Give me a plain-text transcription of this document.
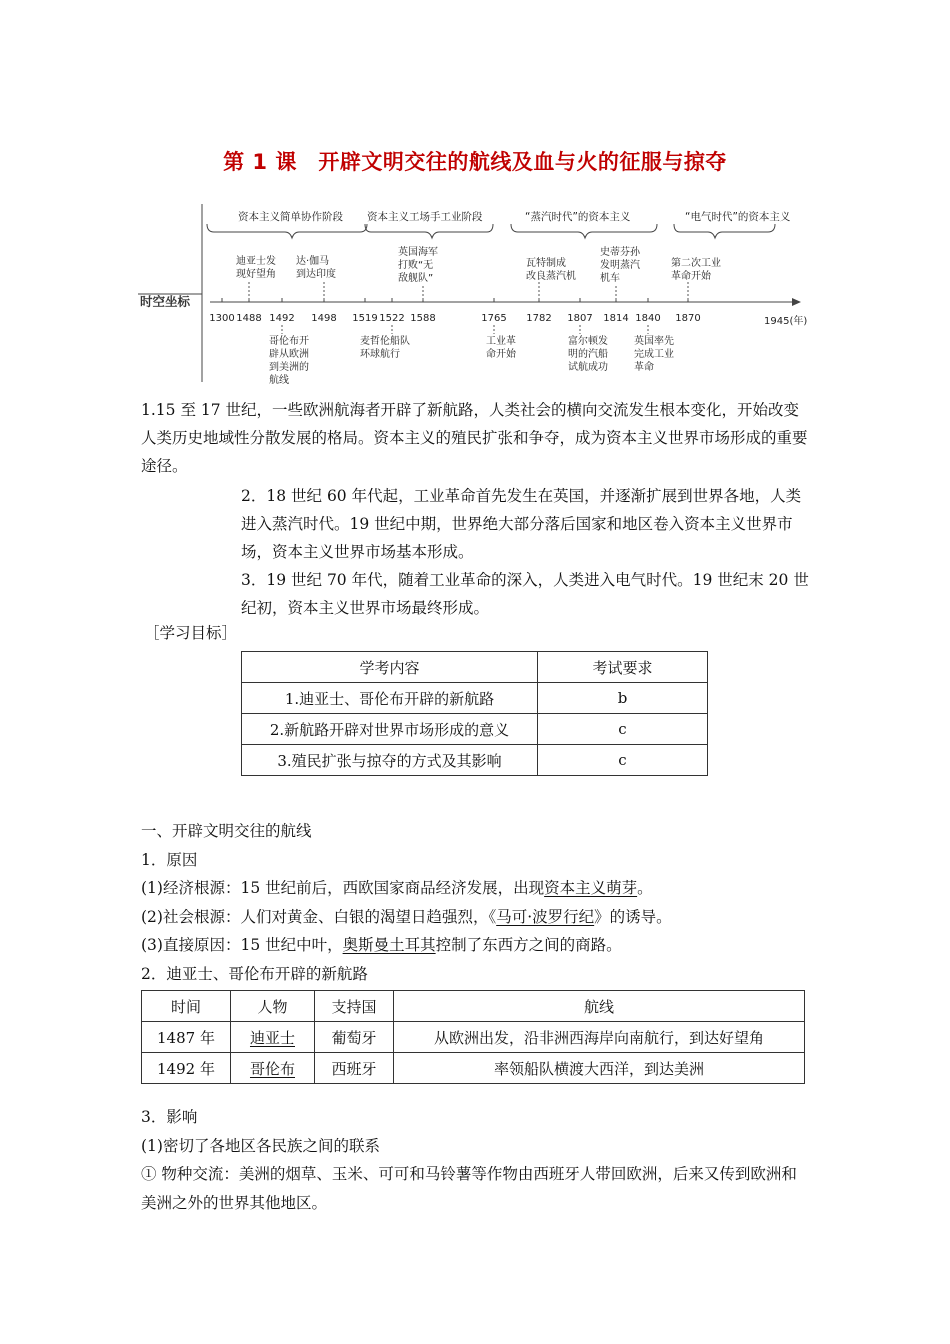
第 1 课　开辟文明交往的航线及血与火的征服与掠夺
时空坐标
资本主义简单协作阶段 资本主义工场手工业阶段	“蒸汽时代”的资本主义	“电气时代”的资本主义
1300 1488 1492 1498 1519 1522 1588	1765 1782 1807 1814 1840 1870	1945(年)
迪亚士发
现好望角
达·伽马
到达印度
英国海军
打败“无
敌舰队”
瓦特制成
改良蒸汽机
史蒂芬孙
发明蒸汽
机车
第二次工业
革命开始
哥伦布开
辟从欧洲
到美洲的
航线
麦哲伦船队
环球航行
工业革
命开始
富尔顿发
明的汽船
试航成功
英国率先
完成工业
革命

1.15 至 17 世纪，一些欧洲航海者开辟了新航路，人类社会的横向交流发生根本变化，开始改变人类历史地域性分散发展的格局。资本主义的殖民扩张和争夺，成为资本主义世界市场形成的重要途径。

2．18 世纪 60 年代起，工业革命首先发生在英国，并逐渐扩展到世界各地，人类进入蒸汽时代。19 世纪中期，世界绝大部分落后国家和地区卷入资本主义世界市场，资本主义世界市场基本形成。

3．19 世纪 70 年代，随着工业革命的深入，人类进入电气时代。19 世纪末 20 世纪初，资本主义世界市场最终形成。

［学习目标］
学考内容	考试要求
1.迪亚士、哥伦布开辟的新航路	b
2.新航路开辟对世界市场形成的意义	c
3.殖民扩张与掠夺的方式及其影响	c

一、开辟文明交往的航线

1．原因

(1)经济根源：15 世纪前后，西欧国家商品经济发展，出现资本主义萌芽。

(2)社会根源：人们对黄金、白银的渴望日趋强烈，《马可·波罗行纪》的诱导。

(3)直接原因：15 世纪中叶，奥斯曼土耳其控制了东西方之间的商路。

2．迪亚士、哥伦布开辟的新航路

时间	人物	支持国	航线
1487 年	迪亚士	葡萄牙	从欧洲出发，沿非洲西海岸向南航行，到达好望角
1492 年	哥伦布	西班牙	率领船队横渡大西洋，到达美洲

3．影响

(1)密切了各地区各民族之间的联系

① 物种交流：美洲的烟草、玉米、可可和马铃薯等作物由西班牙人带回欧洲，后来又传到欧洲和美洲之外的世界其他地区。
